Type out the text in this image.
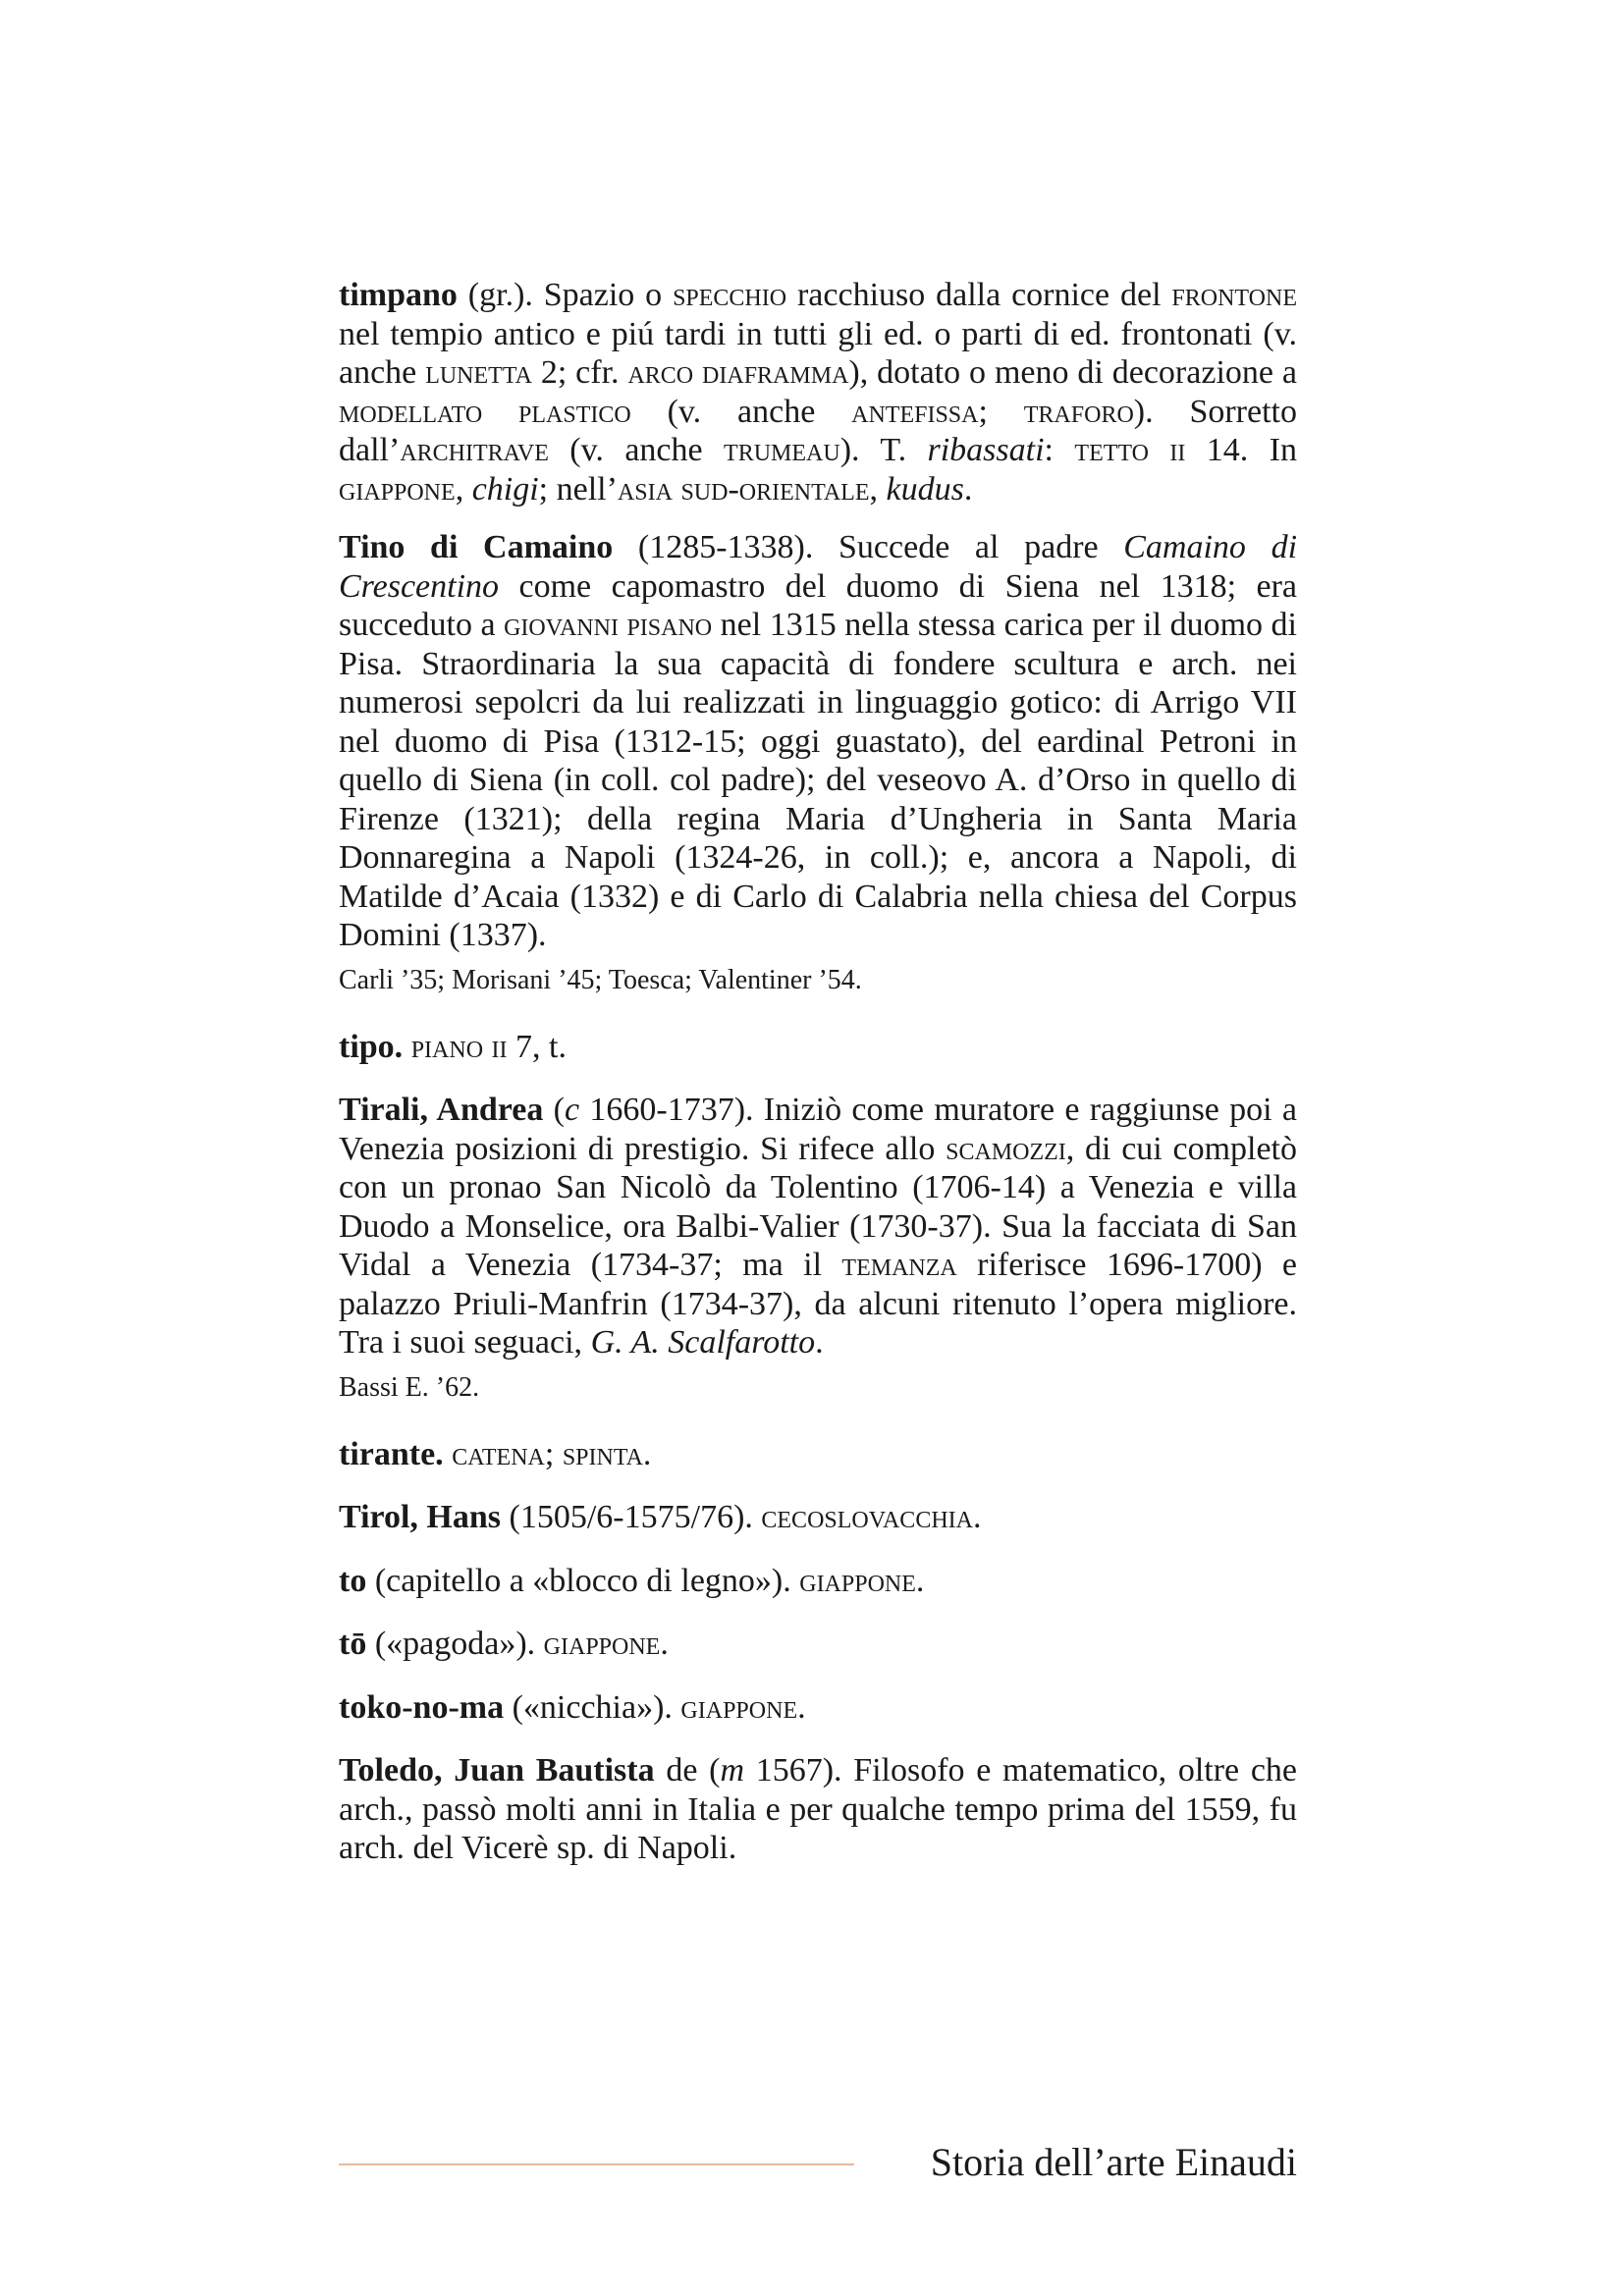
timpano (gr.). Spazio o specchio racchiuso dalla cornice del frontone nel tempio antico e piú tardi in tutti gli ed. o parti di ed. frontonati (v. anche lunetta 2; cfr. arco diaframma), dotato o meno di decorazione a modellato plastico (v. anche antefissa; traforo). Sorretto dall’architrave (v. anche trumeau). T. ribassati: tetto ii 14. In giappone, chigi; nell’asia sud-orientale, kudus.

Tino di Camaino (1285-1338). Succede al padre Camaino di Crescentino come capomastro del duomo di Siena nel 1318; era succeduto a giovanni pisano nel 1315 nella stessa carica per il duomo di Pisa. Straordinaria la sua capacità di fondere scultura e arch. nei numerosi sepolcri da lui realizzati in linguaggio gotico: di Arrigo VII nel duomo di Pisa (1312-15; oggi guastato), del eardinal Petroni in quello di Siena (in coll. col padre); del veseovo A. d’Orso in quello di Firenze (1321); della regina Maria d’Ungheria in Santa Maria Donnaregina a Napoli (1324-26, in coll.); e, ancora a Napoli, di Matilde d’Acaia (1332) e di Carlo di Calabria nella chiesa del Corpus Domini (1337).

Carli ’35; Morisani ’45; Toesca; Valentiner ’54.

tipo. piano ii 7, t.

Tirali, Andrea (c 1660-1737). Iniziò come muratore e raggiunse poi a Venezia posizioni di prestigio. Si rifece allo scamozzi, di cui completò con un pronao San Nicolò da Tolentino (1706-14) a Venezia e villa Duodo a Monselice, ora Balbi-Valier (1730-37). Sua la facciata di San Vidal a Venezia (1734-37; ma il temanza riferisce 1696-1700) e palazzo Priuli-Manfrin (1734-37), da alcuni ritenuto l’opera migliore. Tra i suoi seguaci, G. A. Scalfarotto.

Bassi E. ’62.

tirante. catena; spinta.

Tirol, Hans (1505/6-1575/76). cecoslovacchia.

to (capitello a «blocco di legno»). giappone.

tō («pagoda»). giappone.

toko-no-ma («nicchia»). giappone.

Toledo, Juan Bautista de (m 1567). Filosofo e matematico, oltre che arch., passò molti anni in Italia e per qualche tempo prima del 1559, fu arch. del Vicerè sp. di Napoli.

Storia dell’arte Einaudi
